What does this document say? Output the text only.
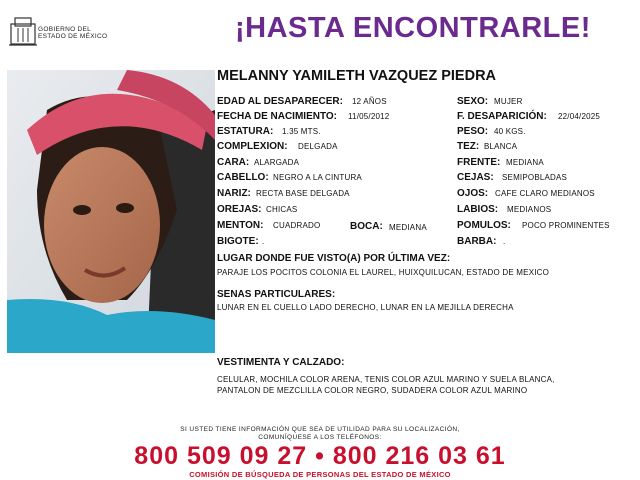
GOBIERNO DEL
ESTADO DE MÉXICO	¡HASTA ENCONTRARLE!
MELANNY YAMILETH VAZQUEZ PIEDRA
EDAD AL DESAPARECER: 12 AÑOS
FECHA DE NACIMIENTO: 11/05/2012
ESTATURA: 1.35 MTS.
COMPLEXION: DELGADA
CARA: ALARGADA
CABELLO: NEGRO A LA CINTURA
NARIZ: RECTA BASE DELGADA
OREJAS: CHICAS
MENTON: CUADRADO	BOCA: MEDIANA
BIGOTE: .
SEXO: MUJER
F. DESAPARICIÓN: 22/04/2025
PESO: 40 KGS.
TEZ: BLANCA
FRENTE: MEDIANA
CEJAS: SEMIPOBLADAS
OJOS: CAFE CLARO MEDIANOS
LABIOS: MEDIANOS
POMULOS: POCO PROMINENTES
BARBA: .
LUGAR DONDE FUE VISTO(A) POR ÚLTIMA VEZ:
PARAJE LOS POCITOS COLONIA EL LAUREL, HUIXQUILUCAN, ESTADO DE MEXICO
SENAS PARTICULARES:
LUNAR EN EL CUELLO LADO DERECHO, LUNAR EN LA MEJILLA DERECHA
VESTIMENTA Y CALZADO:
CELULAR, MOCHILA COLOR ARENA, TENIS COLOR AZUL MARINO Y SUELA BLANCA,
PANTALON DE MEZCLILLA COLOR NEGRO, SUDADERA COLOR AZUL MARINO
SI USTED TIENE INFORMACIÓN QUE SEA DE UTILIDAD PARA SU LOCALIZACIÓN,
COMUNÍQUESE A LOS TELÉFONOS:
800 509 09 27 • 800 216 03 61
COMISIÓN DE BÚSQUEDA DE PERSONAS DEL ESTADO DE MÉXICO
